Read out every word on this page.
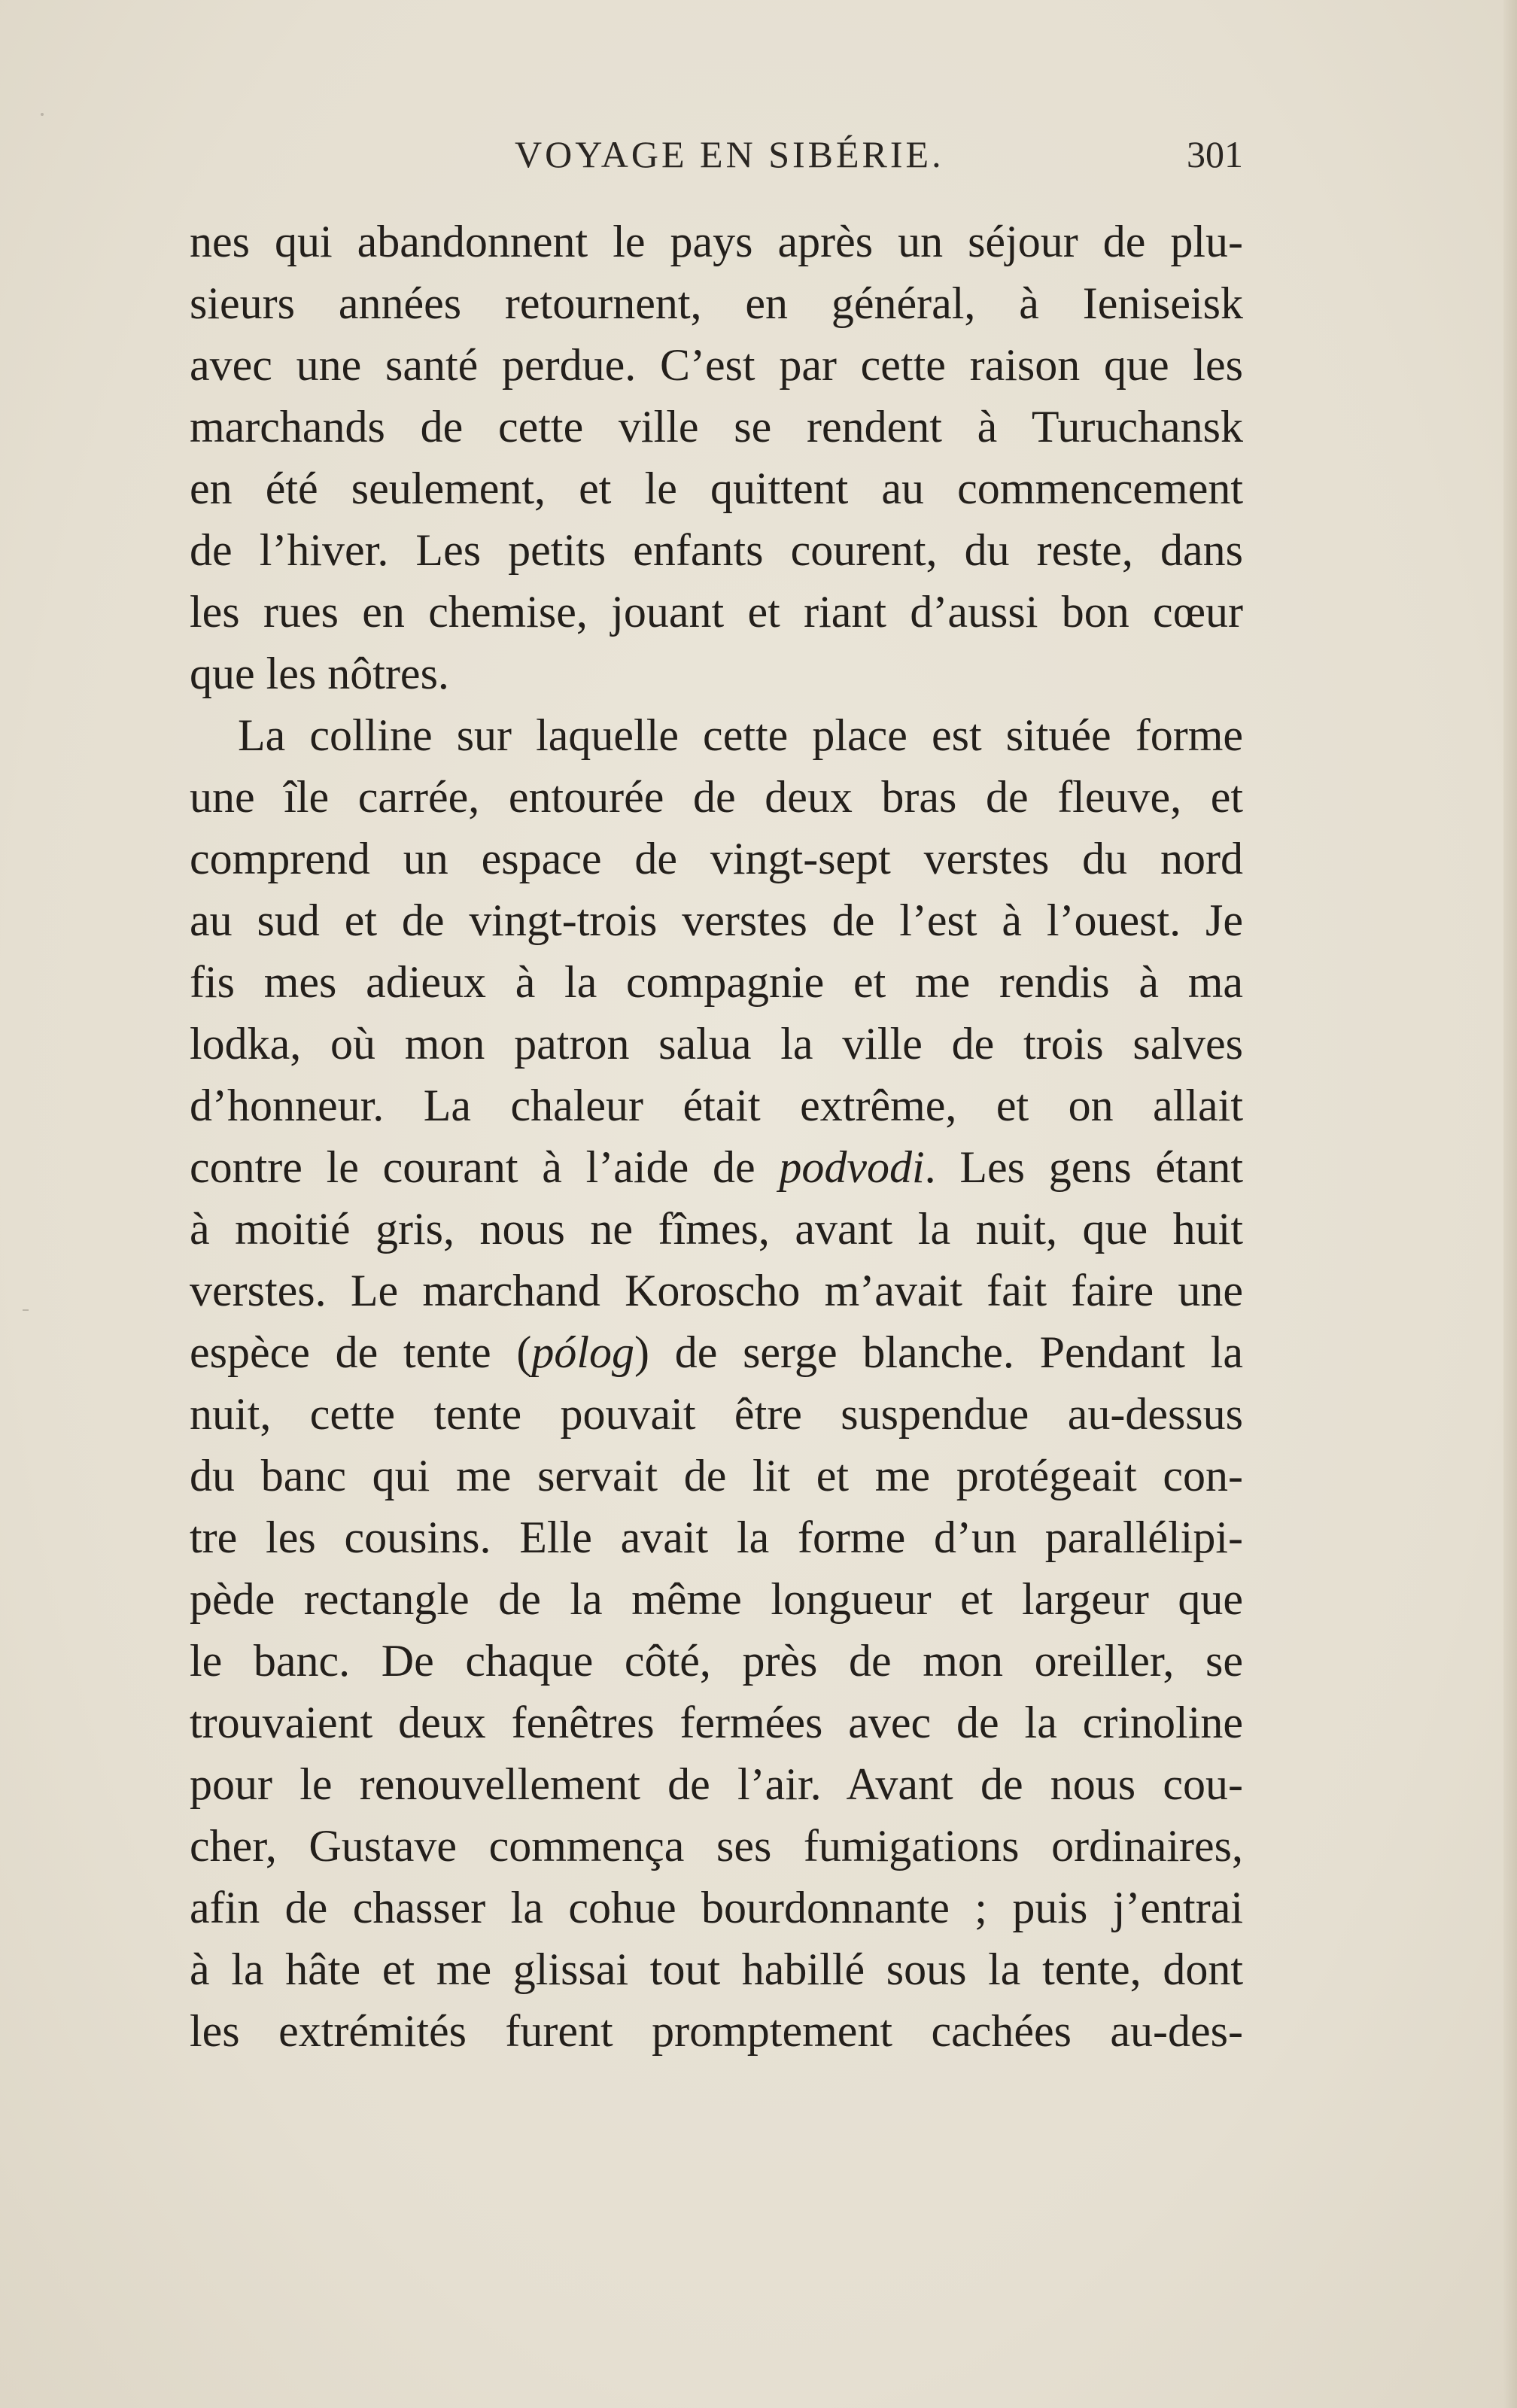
VOYAGE EN SIBÉRIE.	301
nes qui abandonnent le pays après un séjour de plu-
sieurs années retournent, en général, à Ieniseisk
avec une santé perdue. C’est par cette raison que les
marchands de cette ville se rendent à Turuchansk
en été seulement, et le quittent au commencement
de l’hiver. Les petits enfants courent, du reste, dans
les rues en chemise, jouant et riant d’aussi bon cœur
que les nôtres.
La colline sur laquelle cette place est située forme
une île carrée, entourée de deux bras de fleuve, et
comprend un espace de vingt-sept verstes du nord
au sud et de vingt-trois verstes de l’est à l’ouest. Je
fis mes adieux à la compagnie et me rendis à ma
lodka, où mon patron salua la ville de trois salves
d’honneur. La chaleur était extrême, et on allait
contre le courant à l’aide de podvodi. Les gens étant
à moitié gris, nous ne fîmes, avant la nuit, que huit
verstes. Le marchand Koroscho m’avait fait faire une
espèce de tente (pólog) de serge blanche. Pendant la
nuit, cette tente pouvait être suspendue au-dessus
du banc qui me servait de lit et me protégeait con-
tre les cousins. Elle avait la forme d’un parallélipi-
pède rectangle de la même longueur et largeur que
le banc. De chaque côté, près de mon oreiller, se
trouvaient deux fenêtres fermées avec de la crinoline
pour le renouvellement de l’air. Avant de nous cou-
cher, Gustave commença ses fumigations ordinaires,
afin de chasser la cohue bourdonnante ; puis j’entrai
à la hâte et me glissai tout habillé sous la tente, dont
les extrémités furent promptement cachées au-des-
